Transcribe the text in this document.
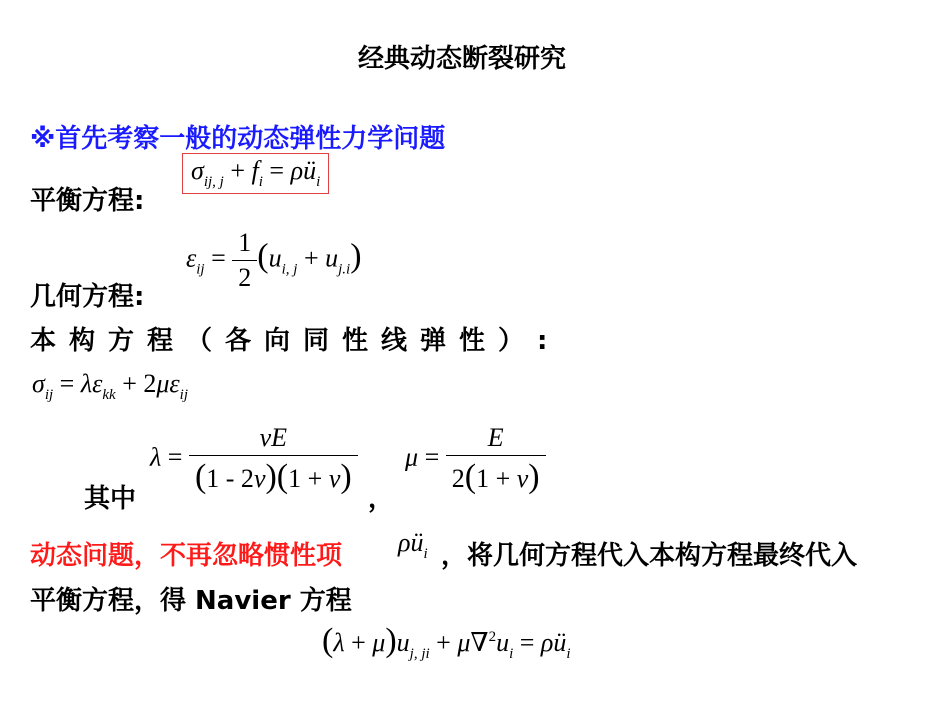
经典动态断裂研究
※首先考察一般的动态弹性力学问题
平衡方程:
$\sigma_{ij, j} + f_i$ = $\rho ü_i$
$\varepsilon_{ij} = \frac{1}{2} (u_{i, j} + u_{j.i})$
几何方程:
本构方程（各向同性线弹性）:
$\sigma_{ij} = \lambda\varepsilon_{kk} + 2\mu\varepsilon_{ij}$
$\lambda = \frac{\nu E}{(1 - 2\nu)(1 + \nu)}$ $\mu = \frac{E}{2(1 + \nu)}$
其中	，
动态问题，不再忽略惯性项 $\rho ü_i$ ，将几何方程代入本构方程最终代入
平衡方程，得 Navier 方程
$(\lambda + \mu)u_{j, ji} + \mu\nabla^2u_i$ = $\rho ü_i$
